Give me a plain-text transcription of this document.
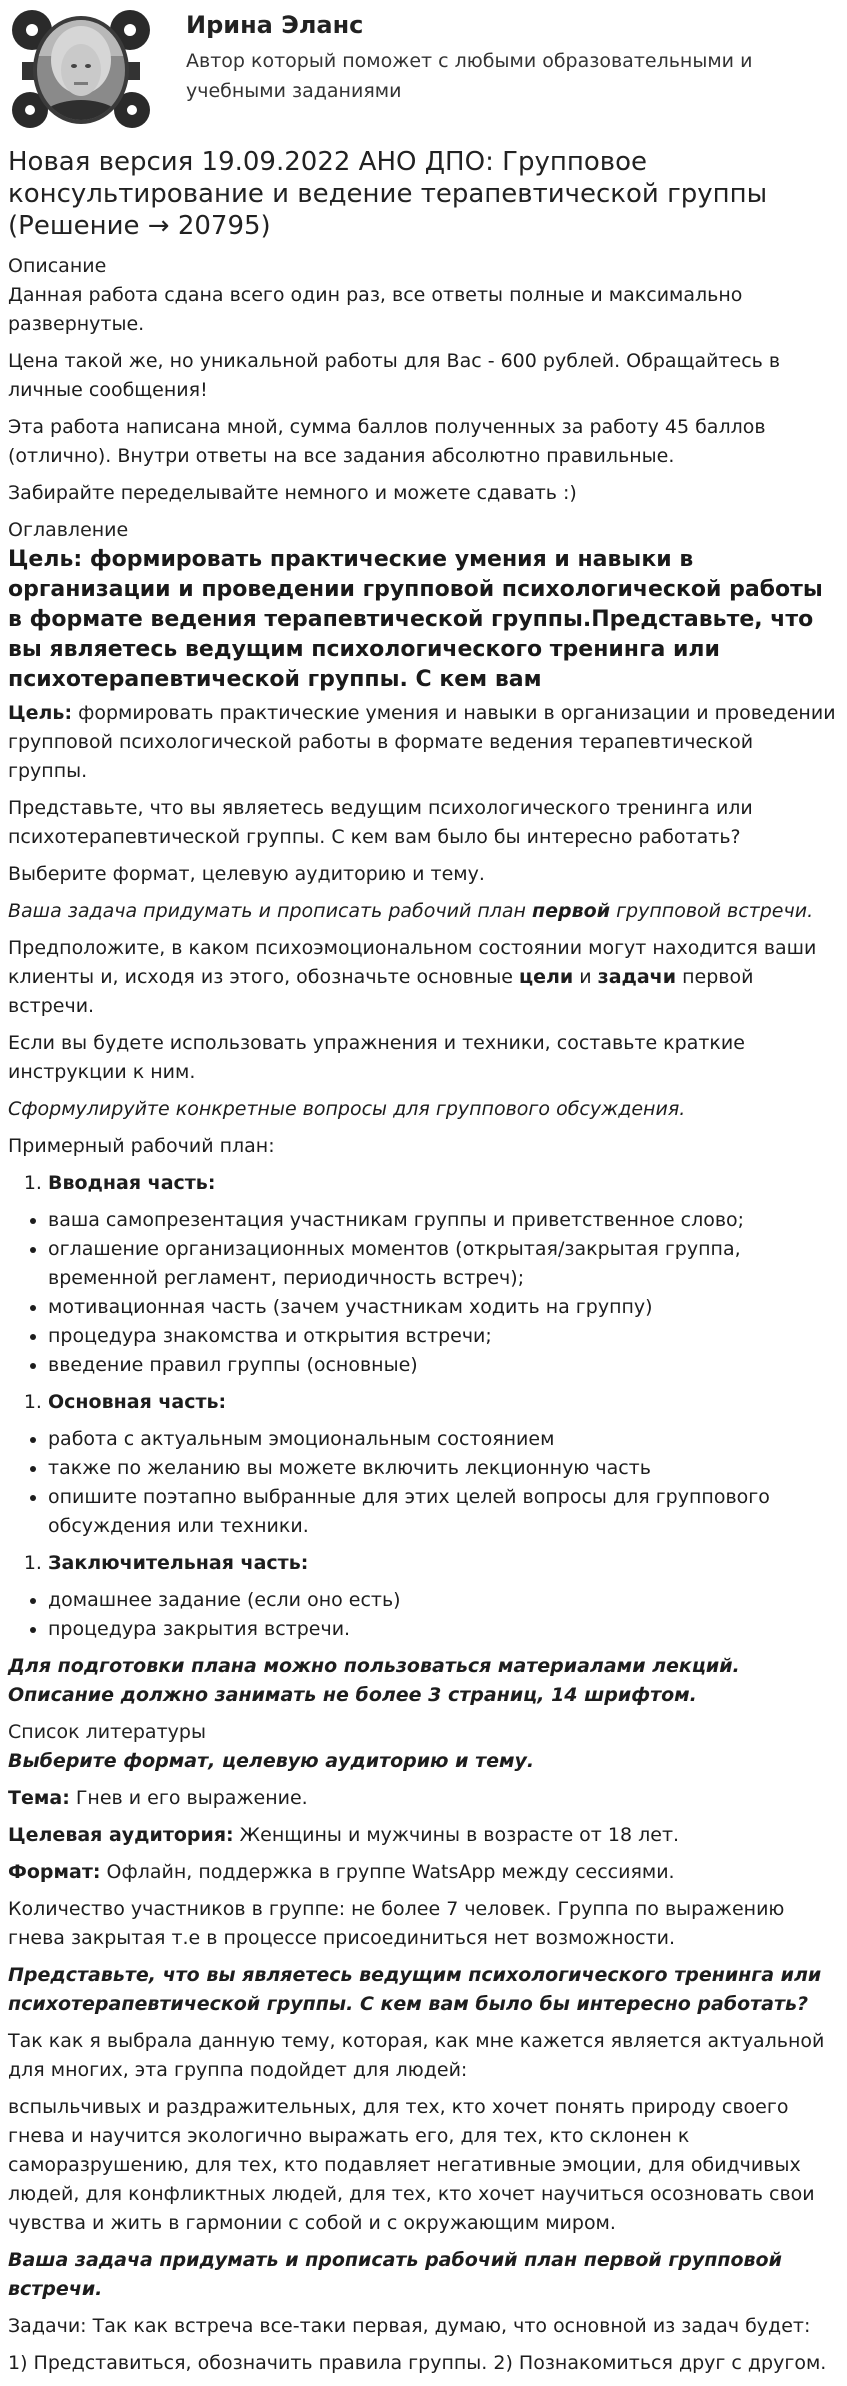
Ирина Эланс
Автор который поможет с любыми образовательными и учебными заданиями
Новая версия 19.09.2022 АНО ДПО: Групповое консультирование и ведение терапевтической группы (Решение → 20795)
Описание

Данная работа сдана всего один раз, все ответы полные и максимально развернутые.

Цена такой же, но уникальной работы для Вас - 600 рублей. Обращайтесь в личные сообщения!

Эта работа написана мной, сумма баллов полученных за работу 45 баллов (отлично). Внутри ответы на все задания абсолютно правильные.

Забирайте переделывайте немного и можете сдавать :)

Оглавление
Цель: формировать практические умения и навыки в организации и проведении групповой психологической работы в формате ведения терапевтической группы.Представьте, что вы являетесь ведущим психологического тренинга или психотерапевтической группы. С кем вам

Цель: формировать практические умения и навыки в организации и проведении групповой психологической работы в формате ведения терапевтической группы.

Представьте, что вы являетесь ведущим психологического тренинга или психотерапевтической группы. С кем вам было бы интересно работать?

Выберите формат, целевую аудиторию и тему.

Ваша задача придумать и прописать рабочий план первой групповой встречи.

Предположите, в каком психоэмоциональном состоянии могут находится ваши клиенты и, исходя из этого, обозначьте основные цели и задачи первой встречи.

Если вы будете использовать упражнения и техники, составьте краткие инструкции к ним.

Сформулируйте конкретные вопросы для группового обсуждения.

Примерный рабочий план:

1. Вводная часть:
• ваша самопрезентация участникам группы и приветственное слово;
• оглашение организационных моментов (открытая/закрытая группа, временной регламент, периодичность встреч);
• мотивационная часть (зачем участникам ходить на группу)
• процедура знакомства и открытия встречи;
• введение правил группы (основные)
1. Основная часть:
• работа с актуальным эмоциональным состоянием
• также по желанию вы можете включить лекционную часть
• опишите поэтапно выбранные для этих целей вопросы для группового обсуждения или техники.
1. Заключительная часть:
• домашнее задание (если оно есть)
• процедура закрытия встречи.

Для подготовки плана можно пользоваться материалами лекций. Описание должно занимать не более 3 страниц, 14 шрифтом.

Список литературы

Выберите формат, целевую аудиторию и тему.

Тема: Гнев и его выражение.

Целевая аудитория: Женщины и мужчины в возрасте от 18 лет.

Формат: Офлайн, поддержка в группе WatsApp между сессиями.

Количество участников в группе: не более 7 человек. Группа по выражению гнева закрытая т.е в процессе присоединиться нет возможности.

Представьте, что вы являетесь ведущим психологического тренинга или психотерапевтической группы. С кем вам было бы интересно работать?

Так как я выбрала данную тему, которая, как мне кажется является актуальной для многих, эта группа подойдет для людей:

вспыльчивых и раздражительных, для тех, кто хочет понять природу своего гнева и научится экологично выражать его, для тех, кто склонен к саморазрушению, для тех, кто подавляет негативные эмоции, для обидчивых людей, для конфликтных людей, для тех, кто хочет научиться осозновать свои чувства и жить в гармонии с собой и с окружающим миром.

Ваша задача придумать и прописать рабочий план первой групповой встречи.

Задачи: Так как встреча все-таки первая, думаю, что основной из задач будет:

1) Представиться, обозначить правила группы. 2) Познакомиться друг с другом.
